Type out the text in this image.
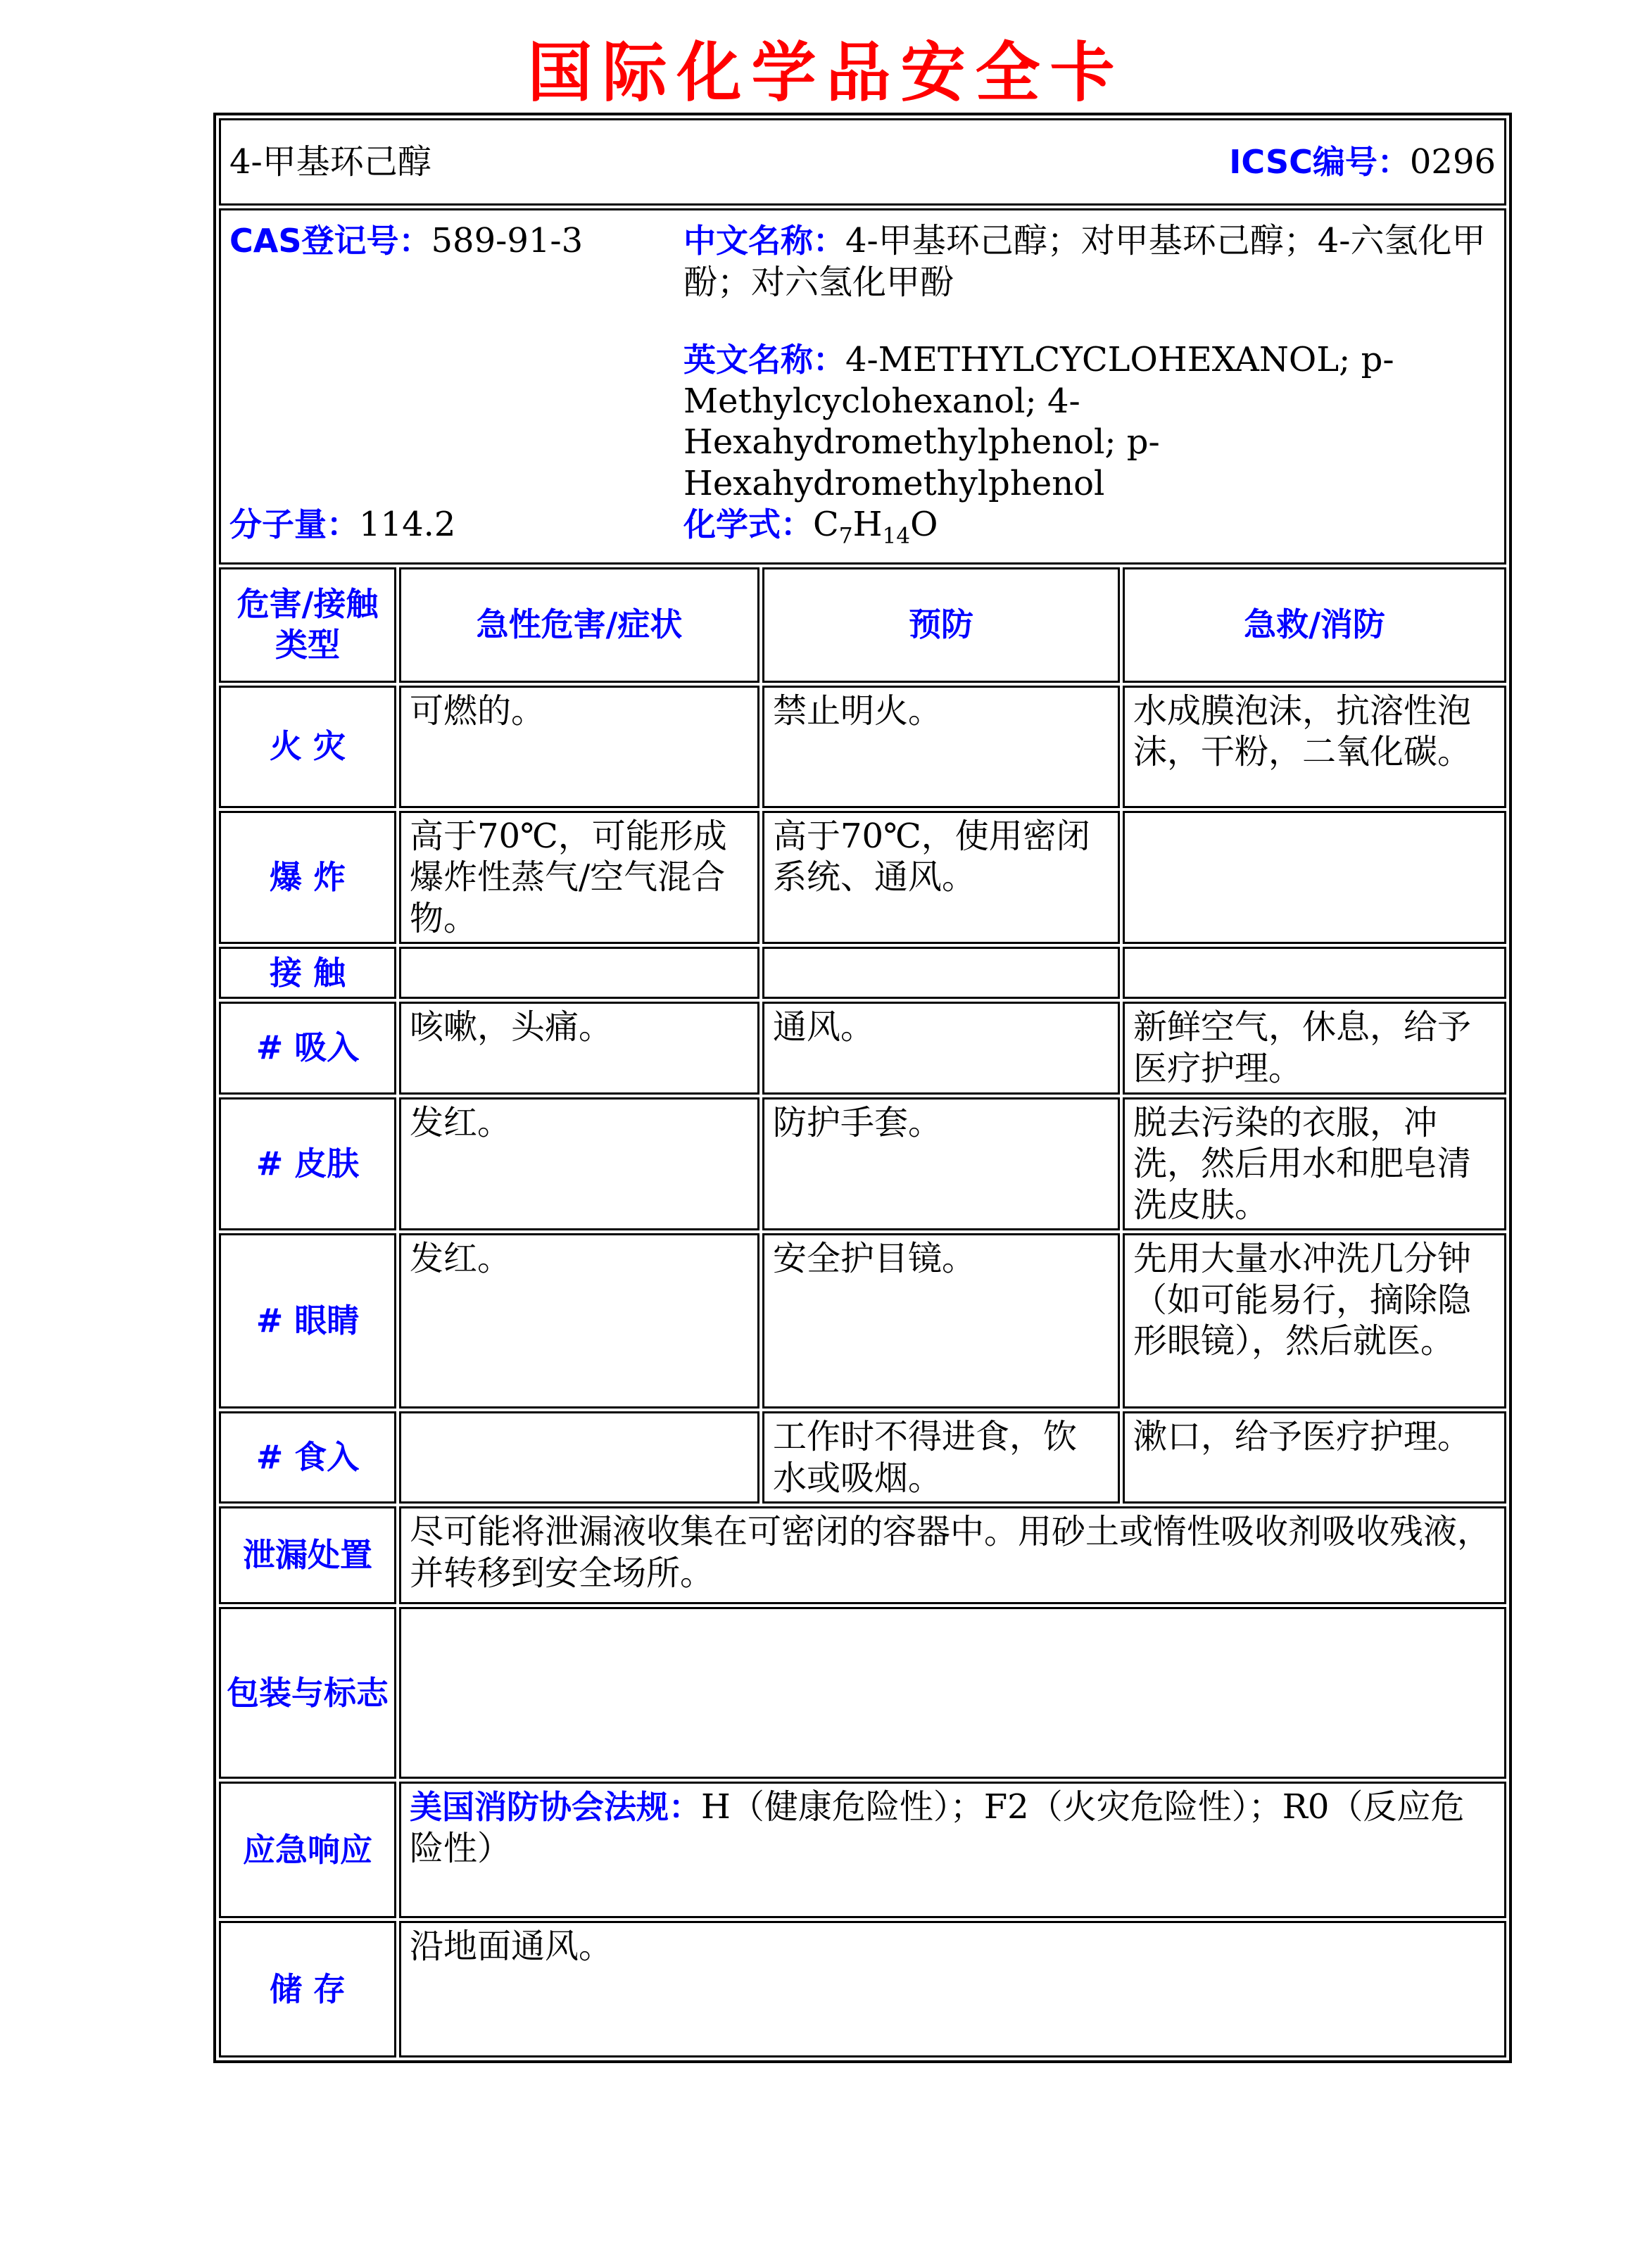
国际化学品安全卡
4-甲基环己醇 ICSC编号：0296			

CAS登记号：589-91-3 中文名称：4-甲基环己醇；对甲基环己醇；4-六氢化甲酚；对六氢化甲酚

英文名称：4-METHYLCYCLOHEXANOL; p-Methylcyclohexanol; 4-Hexahydromethylphenol; p-Hexahydromethylphenol

分子量：114.2 化学式：$C_7H_{14}O$			

危害/接触类型	急性危害/症状	预防	急救/消防
火 灾	可燃的。	禁止明火。	水成膜泡沫，抗溶性泡沫，干粉，二氧化碳。
爆 炸	高于70℃，可能形成爆炸性蒸气/空气混合物。	高于70℃，使用密闭系统、通风。	
接 触			
# 吸入	咳嗽，头痛。	通风。	新鲜空气，休息，给予医疗护理。
# 皮肤	发红。	防护手套。	脱去污染的衣服，冲洗，然后用水和肥皂清洗皮肤。
# 眼睛	发红。	安全护目镜。	先用大量水冲洗几分钟（如可能易行，摘除隐形眼镜），然后就医。
# 食入		工作时不得进食，饮水或吸烟。	漱口，给予医疗护理。
泄漏处置	尽可能将泄漏液收集在可密闭的容器中。用砂土或惰性吸收剂吸收残液，并转移到安全场所。		
包装与标志			
应急响应	美国消防协会法规：H（健康危险性）；F2（火灾危险性）；R0（反应危险性）		
储 存	沿地面通风。		
